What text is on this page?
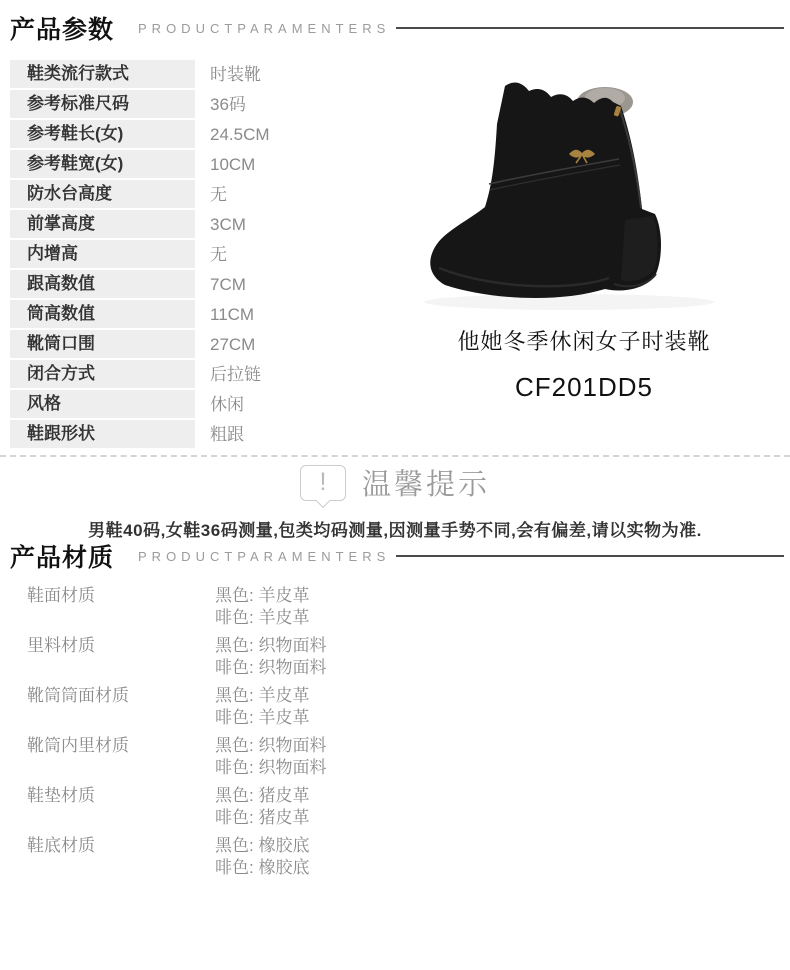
产品参数 PRODUCTPARAMENTERS
鞋类流行款式	时装靴
参考标准尺码	36码
参考鞋长(女)	24.5CM
参考鞋宽(女)	10CM
防水台高度	无
前掌高度	3CM
内增高	无
跟高数值	7CM
筒高数值	11CM
靴筒口围	27CM
闭合方式	后拉链
风格	休闲
鞋跟形状	粗跟
他她冬季休闲女子时装靴
CF201DD5
!	温馨提示
男鞋40码,女鞋36码测量,包类均码测量,因测量手势不同,会有偏差,请以实物为准.
产品材质 PRODUCTPARAMENTERS
鞋面材质	黑色: 羊皮革
啡色: 羊皮革
里料材质	黑色: 织物面料
啡色: 织物面料
靴筒筒面材质	黑色: 羊皮革
啡色: 羊皮革
靴筒内里材质	黑色: 织物面料
啡色: 织物面料
鞋垫材质	黑色: 猪皮革
啡色: 猪皮革
鞋底材质	黑色: 橡胶底
啡色: 橡胶底
